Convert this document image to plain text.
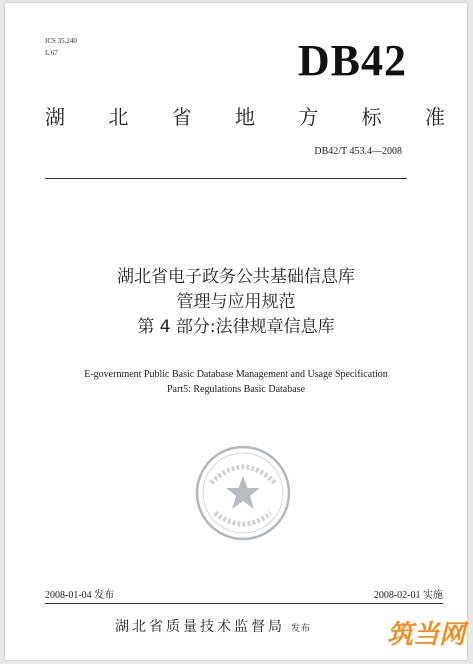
ICS 35.240
L 67	DB42
湖 北 省 地 方 标 准
DB42/T 453.4—2008
湖北省电子政务公共基础信息库
管理与应用规范
第 4 部分:法律规章信息库
E-government Public Basic Database Management and Usage Specification
Part5: Regulations Basic Database
2008-01-04 发布	2008-02-01 实施
湖北省质量技术监督局 发布	筑当网
